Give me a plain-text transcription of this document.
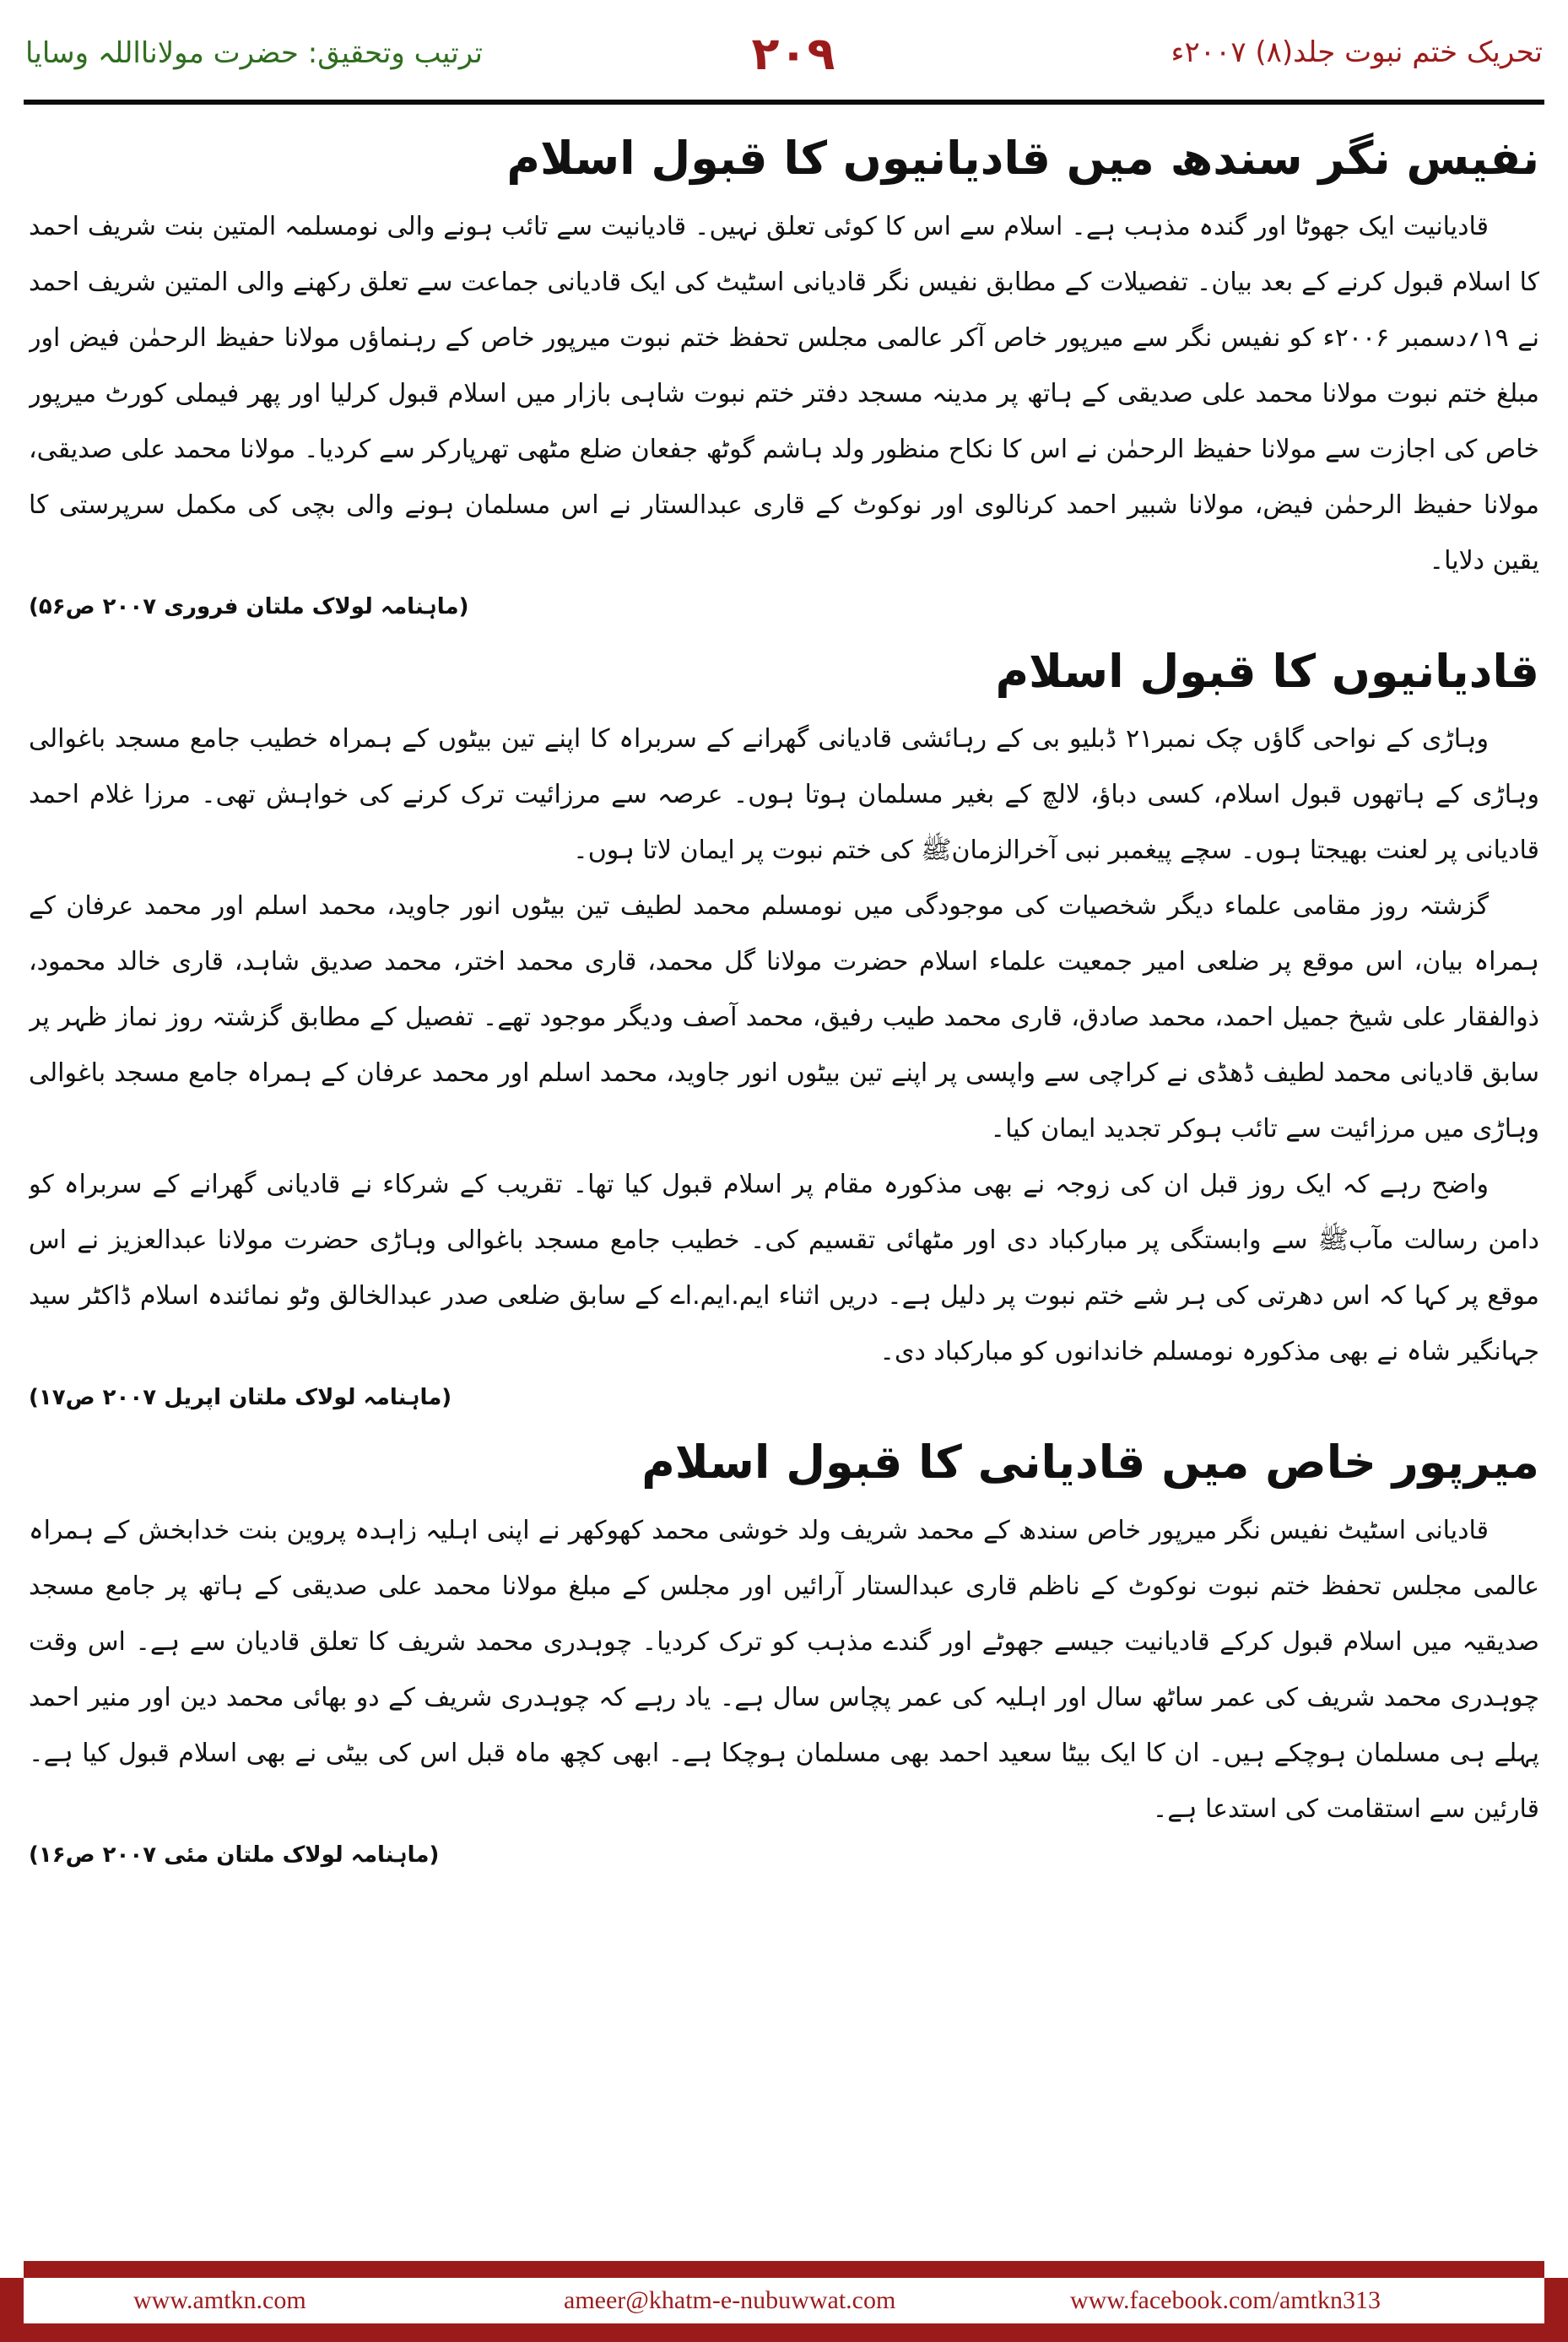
ترتیب وتحقیق: حضرت مولانااللہ وسایا	۲۰۹	تحریک ختم نبوت جلد(۸) ۲۰۰۷ء
نفیس نگر سندھ میں قادیانیوں کا قبول اسلام

قادیانیت ایک جھوٹا اور گندہ مذہب ہے۔ اسلام سے اس کا کوئی تعلق نہیں۔ قادیانیت سے تائب ہونے والی نومسلمہ المتین بنت شریف احمد کا اسلام قبول کرنے کے بعد بیان۔ تفصیلات کے مطابق نفیس نگر قادیانی اسٹیٹ کی ایک قادیانی جماعت سے تعلق رکھنے والی المتین شریف احمد نے ۱۹؍دسمبر ۲۰۰۶ء کو نفیس نگر سے میرپور خاص آکر عالمی مجلس تحفظ ختم نبوت میرپور خاص کے رہنماؤں مولانا حفیظ الرحمٰن فیض اور مبلغ ختم نبوت مولانا محمد علی صدیقی کے ہاتھ پر مدینہ مسجد دفتر ختم نبوت شاہی بازار میں اسلام قبول کرلیا اور پھر فیملی کورٹ میرپور خاص کی اجازت سے مولانا حفیظ الرحمٰن نے اس کا نکاح منظور ولد ہاشم گوٹھ جفعان ضلع مٹھی تھرپارکر سے کردیا۔ مولانا محمد علی صدیقی، مولانا حفیظ الرحمٰن فیض، مولانا شبیر احمد کرنالوی اور نوکوٹ کے قاری عبدالستار نے اس مسلمان ہونے والی بچی کی مکمل سرپرستی کا یقین دلایا۔

(ماہنامہ لولاک ملتان فروری ۲۰۰۷ ص۵۶)
قادیانیوں کا قبول اسلام

وہاڑی کے نواحی گاؤں چک نمبر۲۱ ڈبلیو بی کے رہائشی قادیانی گھرانے کے سربراہ کا اپنے تین بیٹوں کے ہمراہ خطیب جامع مسجد باغوالی وہاڑی کے ہاتھوں قبول اسلام، کسی دباؤ، لالچ کے بغیر مسلمان ہوتا ہوں۔ عرصہ سے مرزائیت ترک کرنے کی خواہش تھی۔ مرزا غلام احمد قادیانی پر لعنت بھیجتا ہوں۔ سچے پیغمبر نبی آخرالزمانﷺ کی ختم نبوت پر ایمان لاتا ہوں۔

گزشتہ روز مقامی علماء دیگر شخصیات کی موجودگی میں نومسلم محمد لطیف تین بیٹوں انور جاوید، محمد اسلم اور محمد عرفان کے ہمراہ بیان، اس موقع پر ضلعی امیر جمعیت علماء اسلام حضرت مولانا گل محمد، قاری محمد اختر، محمد صدیق شاہد، قاری خالد محمود، ذوالفقار علی شیخ جمیل احمد، محمد صادق، قاری محمد طیب رفیق، محمد آصف ودیگر موجود تھے۔ تفصیل کے مطابق گزشتہ روز نماز ظہر پر سابق قادیانی محمد لطیف ڈھڈی نے کراچی سے واپسی پر اپنے تین بیٹوں انور جاوید، محمد اسلم اور محمد عرفان کے ہمراہ جامع مسجد باغوالی وہاڑی میں مرزائیت سے تائب ہوکر تجدید ایمان کیا۔

واضح رہے کہ ایک روز قبل ان کی زوجہ نے بھی مذکورہ مقام پر اسلام قبول کیا تھا۔ تقریب کے شرکاء نے قادیانی گھرانے کے سربراہ کو دامن رسالت مآبﷺ سے وابستگی پر مبارکباد دی اور مٹھائی تقسیم کی۔ خطیب جامع مسجد باغوالی وہاڑی حضرت مولانا عبدالعزیز نے اس موقع پر کہا کہ اس دھرتی کی ہر شے ختم نبوت پر دلیل ہے۔ دریں اثناء ایم.ایم.اے کے سابق ضلعی صدر عبدالخالق وٹو نمائندہ اسلام ڈاکٹر سید جہانگیر شاہ نے بھی مذکورہ نومسلم خاندانوں کو مبارکباد دی۔

(ماہنامہ لولاک ملتان اپریل ۲۰۰۷ ص۱۷)
میرپور خاص میں قادیانی کا قبول اسلام

قادیانی اسٹیٹ نفیس نگر میرپور خاص سندھ کے محمد شریف ولد خوشی محمد کھوکھر نے اپنی اہلیہ زاہدہ پروین بنت خدابخش کے ہمراہ عالمی مجلس تحفظ ختم نبوت نوکوٹ کے ناظم قاری عبدالستار آرائیں اور مجلس کے مبلغ مولانا محمد علی صدیقی کے ہاتھ پر جامع مسجد صدیقیہ میں اسلام قبول کرکے قادیانیت جیسے جھوٹے اور گندے مذہب کو ترک کردیا۔ چوہدری محمد شریف کا تعلق قادیان سے ہے۔ اس وقت چوہدری محمد شریف کی عمر ساٹھ سال اور اہلیہ کی عمر پچاس سال ہے۔ یاد رہے کہ چوہدری شریف کے دو بھائی محمد دین اور منیر احمد پہلے ہی مسلمان ہوچکے ہیں۔ ان کا ایک بیٹا سعید احمد بھی مسلمان ہوچکا ہے۔ ابھی کچھ ماہ قبل اس کی بیٹی نے بھی اسلام قبول کیا ہے۔ قارئین سے استقامت کی استدعا ہے۔

(ماہنامہ لولاک ملتان مئی ۲۰۰۷ ص۱۶)
www.amtkn.com	ameer@khatm-e-nubuwwat.com	www.facebook.com/amtkn313
